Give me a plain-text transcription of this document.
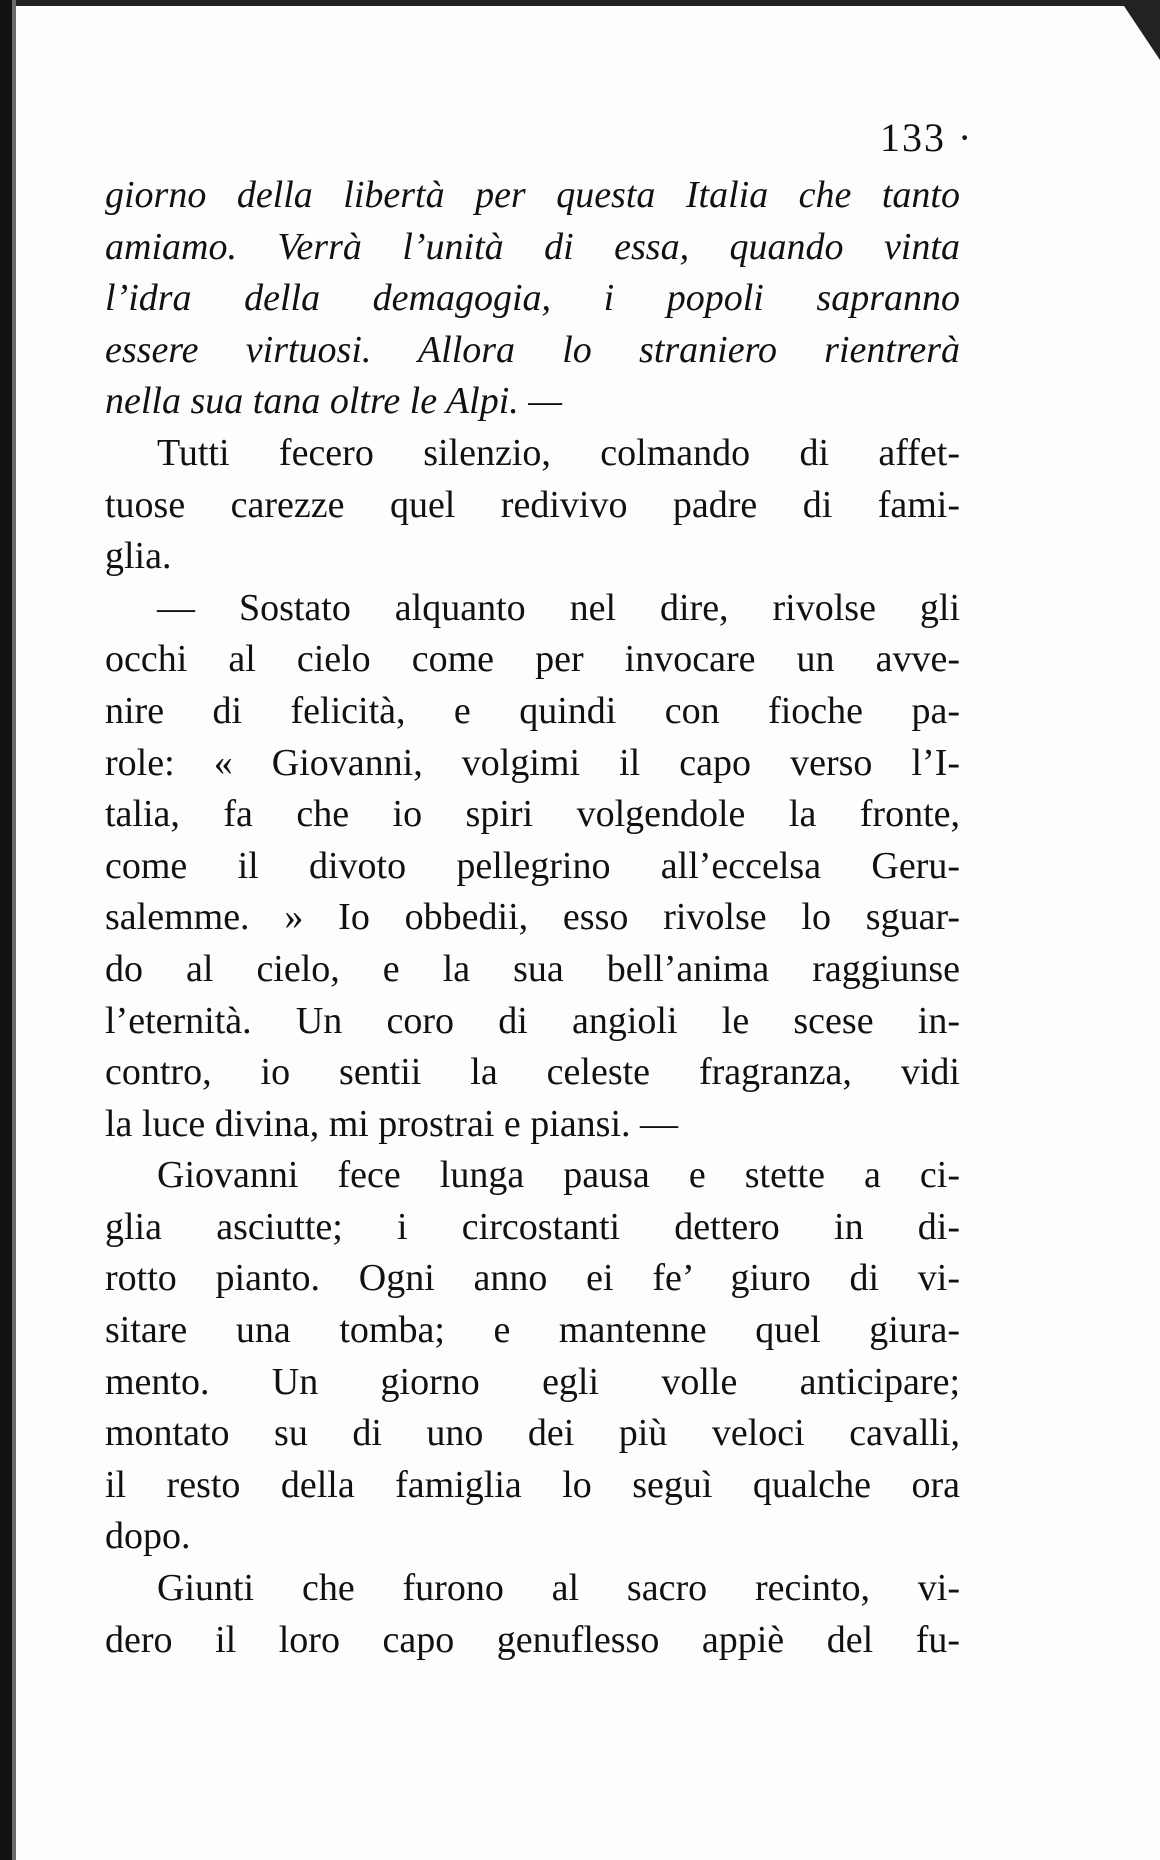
133 ·
giorno della libertà per questa Italia che tanto
amiamo. Verrà l’unità di essa, quando vinta
l’idra della demagogia, i popoli sapranno
essere virtuosi. Allora lo straniero rientrerà
nella sua tana oltre le Alpi. —
Tutti fecero silenzio, colmando di affet-
tuose carezze quel redivivo padre di fami-
glia.
— Sostato alquanto nel dire, rivolse gli
occhi al cielo come per invocare un avve-
nire di felicità, e quindi con fioche pa-
role: « Giovanni, volgimi il capo verso l’I-
talia, fa che io spiri volgendole la fronte,
come il divoto pellegrino all’eccelsa Geru-
salemme. » Io obbedii, esso rivolse lo sguar-
do al cielo, e la sua bell’anima raggiunse
l’eternità. Un coro di angioli le scese in-
contro, io sentii la celeste fragranza, vidi
la luce divina, mi prostrai e piansi. —
Giovanni fece lunga pausa e stette a ci-
glia asciutte; i circostanti dettero in di-
rotto pianto. Ogni anno ei fe’ giuro di vi-
sitare una tomba; e mantenne quel giura-
mento. Un giorno egli volle anticipare;
montato su di uno dei più veloci cavalli,
il resto della famiglia lo seguì qualche ora
dopo.
Giunti che furono al sacro recinto, vi-
dero il loro capo genuflesso appiè del fu-
